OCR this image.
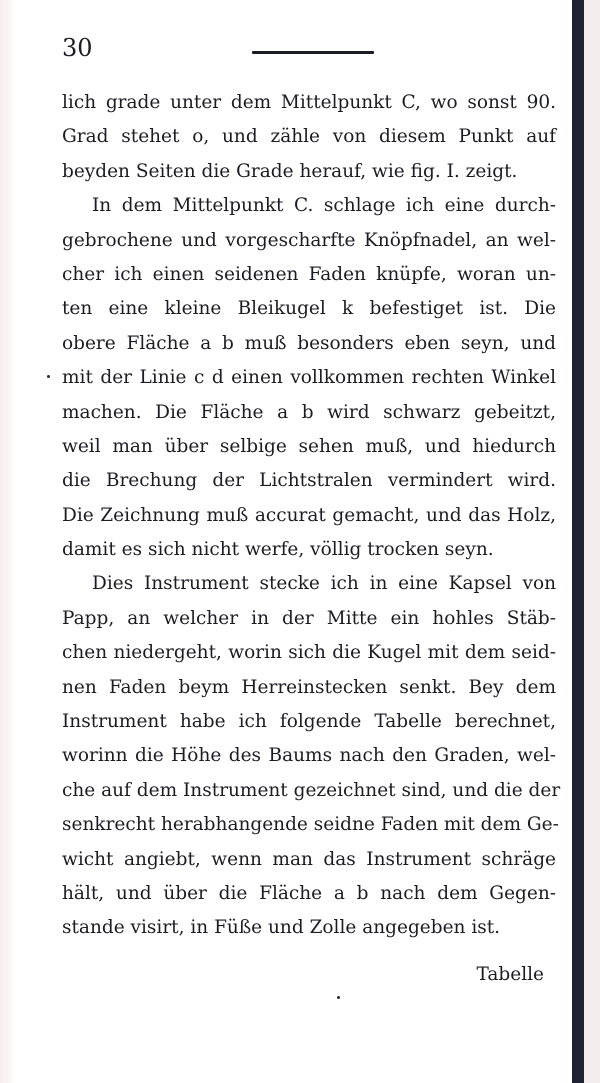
30
lich grade unter dem Mittelpunkt C, wo sonst 90.
Grad stehet o, und zähle von diesem Punkt auf
beyden Seiten die Grade herauf, wie fig. I. zeigt.
In dem Mittelpunkt C. schlage ich eine durch-
gebrochene und vorgescharfte Knöpfnadel, an wel-
cher ich einen seidenen Faden knüpfe, woran un-
ten eine kleine Bleikugel k befestiget ist. Die
obere Fläche a b muß besonders eben seyn, und
mit der Linie c d einen vollkommen rechten Winkel
machen. Die Fläche a b wird schwarz gebeitzt,
weil man über selbige sehen muß, und hiedurch
die Brechung der Lichtstralen vermindert wird.
Die Zeichnung muß accurat gemacht, und das Holz,
damit es sich nicht werfe, völlig trocken seyn.
Dies Instrument stecke ich in eine Kapsel von
Papp, an welcher in der Mitte ein hohles Stäb-
chen niedergeht, worin sich die Kugel mit dem seid-
nen Faden beym Herreinstecken senkt. Bey dem
Instrument habe ich folgende Tabelle berechnet,
worinn die Höhe des Baums nach den Graden, wel-
che auf dem Instrument gezeichnet sind, und die der
senkrecht herabhangende seidne Faden mit dem Ge-
wicht angiebt, wenn man das Instrument schräge
hält, und über die Fläche a b nach dem Gegen-
stande visirt, in Füße und Zolle angegeben ist.
Tabelle
